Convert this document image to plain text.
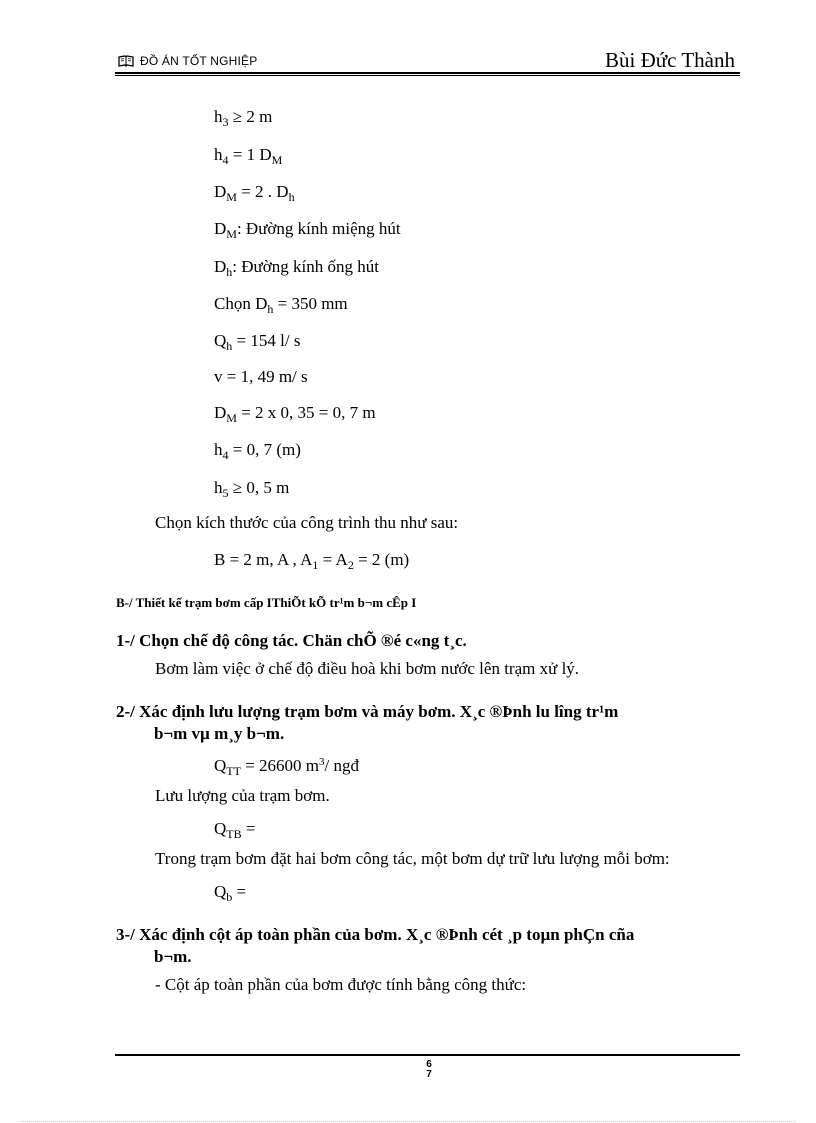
ĐỒ ÁN TỐT NGHIỆP	Bùi Đức Thành
$h_3 \ge 2$ m
$h_4 = 1$ $D_M$
$D_M = 2$ . $D_h$
$D_M$: Đường kính miệng hút
$D_h$: Đường kính ống hút
Chọn $D_h = 350$ mm
$Q_h = 154$ l/ s
v = 1, 49 m/ s
$D_M = 2$ x 0, 35 = 0, 7 m
$h_4 = 0$, 7 (m)
$h_5 \ge 0$, 5 m
Chọn kích thước của công trình thu như sau:
B = 2 m, A , $A_1 = A_2 = 2$ (m)
B-/ Thiết kế trạm bơm cấp IThiÕt kÕ tr¹m b¬m cÊp I
1-/ Chọn chế độ công tác. Chän chÕ ®é c«ng t¸c.
Bơm làm việc ở chế độ điều hoà khi bơm nước lên trạm xử lý.
2-/ Xác định lưu lượng trạm bơm và máy bơm. X¸c ®Þnh lu lîng tr¹m
b¬m vµ m¸y b¬m.
$Q_{TT} = 26600$ $m^3/$ ngđ
Lưu lượng của trạm bơm.
$Q_{TB}$ =
Trong trạm bơm đặt hai bơm công tác, một bơm dự trữ lưu lượng mỗi bơm:
$Q_b$ =
3-/ Xác định cột áp toàn phần của bơm. X¸c ®Þnh cét ¸p toµn phÇn cña
b¬m.
- Cột áp toàn phần của bơm được tính bằng công thức:
6
7
